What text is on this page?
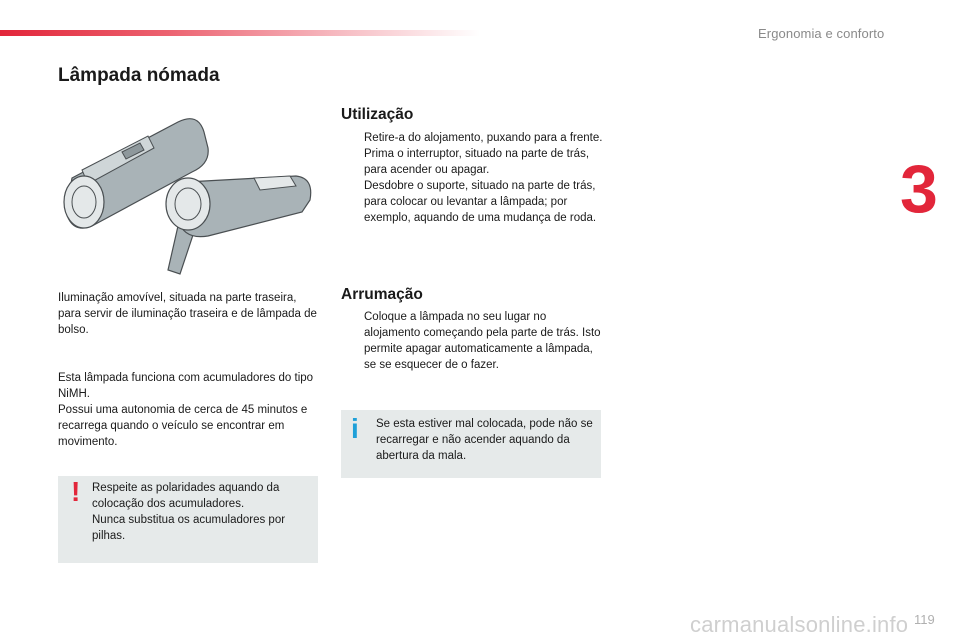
Ergonomia e conforto
3
Lâmpada nómada

Iluminação amovível, situada na parte traseira, para servir de iluminação traseira e de lâmpada de bolso.

Esta lâmpada funciona com acumuladores do tipo NiMH.
Possui uma autonomia de cerca de 45 minutos e recarrega quando o veículo se encontrar em movimento.
! Respeite as polaridades aquando da colocação dos acumuladores.
Nunca substitua os acumuladores por pilhas.
Utilização
Retire-a do alojamento, puxando para a frente.
Prima o interruptor, situado na parte de trás, para acender ou apagar.
Desdobre o suporte, situado na parte de trás, para colocar ou levantar a lâmpada; por exemplo, aquando de uma mudança de roda.
Arrumação
Coloque a lâmpada no seu lugar no alojamento começando pela parte de trás. Isto permite apagar automaticamente a lâmpada, se se esquecer de o fazer.
i Se esta estiver mal colocada, pode não se recarregar e não acender aquando da abertura da mala.
carmanualsonline.info 119
